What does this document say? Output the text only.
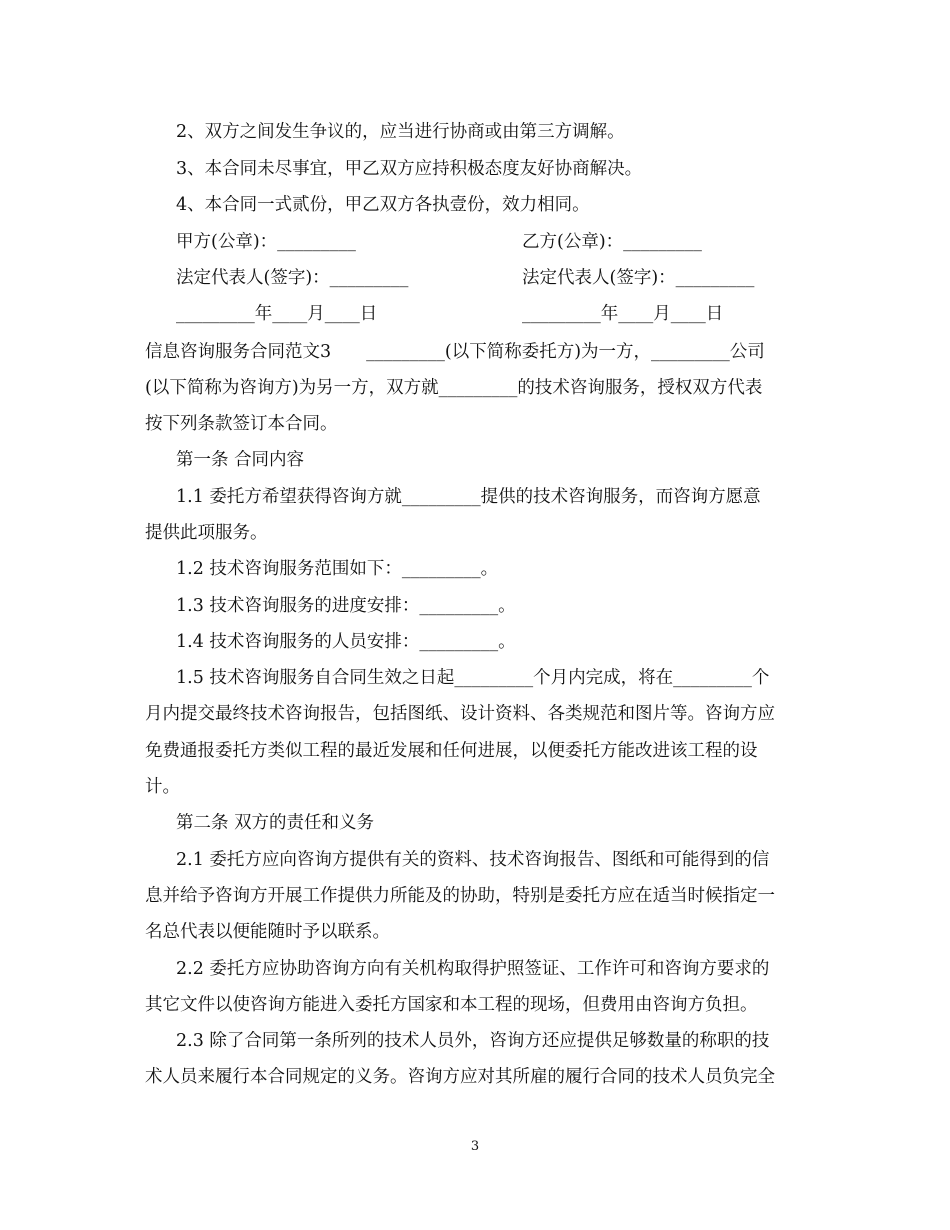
2、双方之间发生争议的，应当进行协商或由第三方调解。
3、本合同未尽事宜，甲乙双方应持积极态度友好协商解决。
4、本合同一式贰份，甲乙双方各执壹份，效力相同。
甲方(公章)：_________	乙方(公章)：_________
法定代表人(签字)：_________	法定代表人(签字)：_________
_________年____月____日	_________年____月____日
信息咨询服务合同范文3　　_________(以下简称委托方)为一方，_________公司
(以下简称为咨询方)为另一方，双方就_________的技术咨询服务，授权双方代表
按下列条款签订本合同。
第一条 合同内容
1.1 委托方希望获得咨询方就_________提供的技术咨询服务，而咨询方愿意
提供此项服务。
1.2 技术咨询服务范围如下：_________。
1.3 技术咨询服务的进度安排：_________。
1.4 技术咨询服务的人员安排：_________。
1.5 技术咨询服务自合同生效之日起_________个月内完成，将在_________个
月内提交最终技术咨询报告，包括图纸、设计资料、各类规范和图片等。咨询方应
免费通报委托方类似工程的最近发展和任何进展，以便委托方能改进该工程的设
计。
第二条 双方的责任和义务
2.1 委托方应向咨询方提供有关的资料、技术咨询报告、图纸和可能得到的信
息并给予咨询方开展工作提供力所能及的协助，特别是委托方应在适当时候指定一
名总代表以便能随时予以联系。
2.2 委托方应协助咨询方向有关机构取得护照签证、工作许可和咨询方要求的
其它文件以使咨询方能进入委托方国家和本工程的现场，但费用由咨询方负担。
2.3 除了合同第一条所列的技术人员外，咨询方还应提供足够数量的称职的技
术人员来履行本合同规定的义务。咨询方应对其所雇的履行合同的技术人员负完全
3
